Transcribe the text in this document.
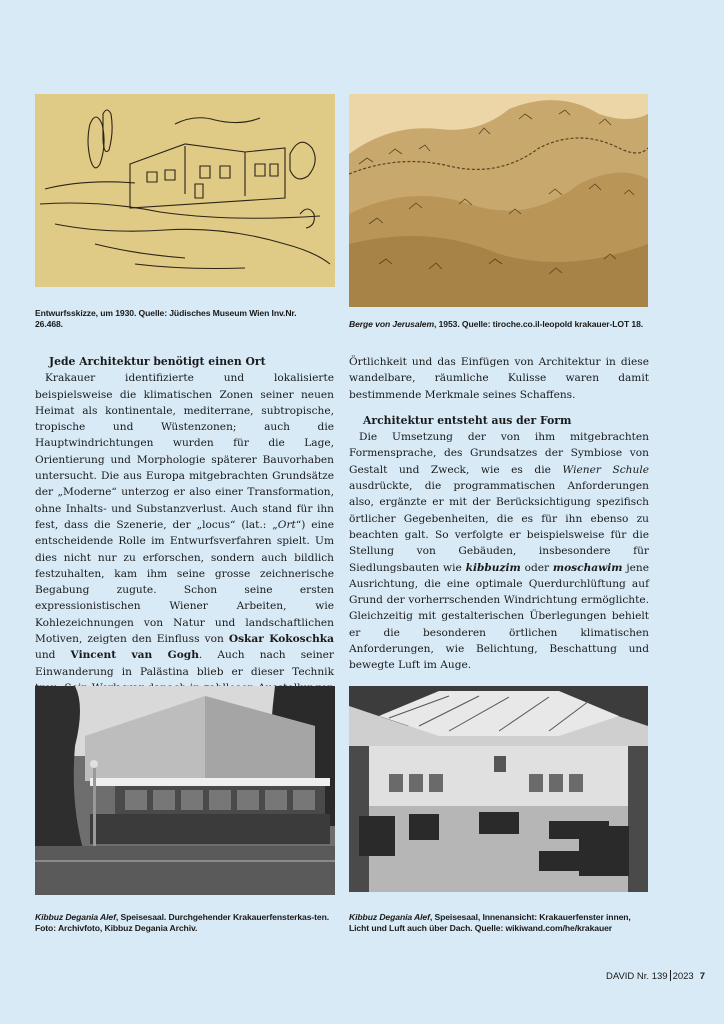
Entwurfsskizze, um 1930. Quelle: Jüdisches Museum Wien Inv.Nr. 26.468.	Berge von Jerusalem, 1953. Quelle: tiroche.co.il-leopold krakauer-LOT 18.
Jede Architektur benötigt einen Ort

Krakauer identifizierte und lokalisierte beispielsweise die klimatischen Zonen seiner neuen Heimat als kontinentale, mediterrane, subtropische, tropische und Wüstenzonen; auch die Hauptwindrichtungen wurden für die Lage, Orientierung und Morphologie späterer Bauvorhaben untersucht. Die aus Europa mitgebrachten Grundsätze der „Moderne“ unterzog er also einer Transformation, ohne Inhalts- und Substanzverlust. Auch stand für ihn fest, dass die Szenerie, der „locus“ (lat.: „Ort“) eine entscheidende Rolle im Entwurfsverfahren spielt. Um dies nicht nur zu erforschen, sondern auch bildlich festzuhalten, kam ihm seine grosse zeichnerische Begabung zugute. Schon seine ersten expressionistischen Wiener Arbeiten, wie Kohlezeichnungen von Natur und landschaftlichen Motiven, zeigten den Einfluss von Oskar Kokoschka und Vincent van Gogh. Auch nach seiner Einwanderung in Palästina blieb er dieser Technik

Örtlichkeit und das Einfügen von Architektur in diese wandelbare, räumliche Kulisse waren damit bestimmende Merkmale seines Schaffens.

Architektur entsteht aus der Form

Die Umsetzung der von ihm mitgebrachten Formensprache, des Grundsatzes der Symbiose von Gestalt und Zweck, wie es die Wiener Schule ausdrückte, die programmatischen Anforderungen also, ergänzte er mit der Berücksichtigung spezifisch örtlicher Gegebenheiten, die es für ihn ebenso zu beachten galt. So verfolgte er beispielsweise für die Stellung von Gebäuden, insbesondere für Siedlungsbauten wie kibbuzim oder moschawim jene Ausrichtung, die eine optimale Querdurchlüftung auf Grund der vorherrschenden Windrichtung ermöglichte. Gleichzeitig mit gestalterischen Überlegungen behielt er die besonderen örtlichen klimatischen Anforderungen, wie Belichtung, Beschattung und bewegte Luft im Auge.

Kibbuz Degania Alef, Speisesaal. Durchgehender Krakauerfensterkas-ten. Foto: Archivfoto, Kibbuz Degania Archiv.
Kibbuz Degania Alef, Speisesaal, Innenansicht: Krakauerfenster innen, Licht und Luft auch über Dach. Quelle: wikiwand.com/he/krakauer
DAVID Nr. 139 2023 7
